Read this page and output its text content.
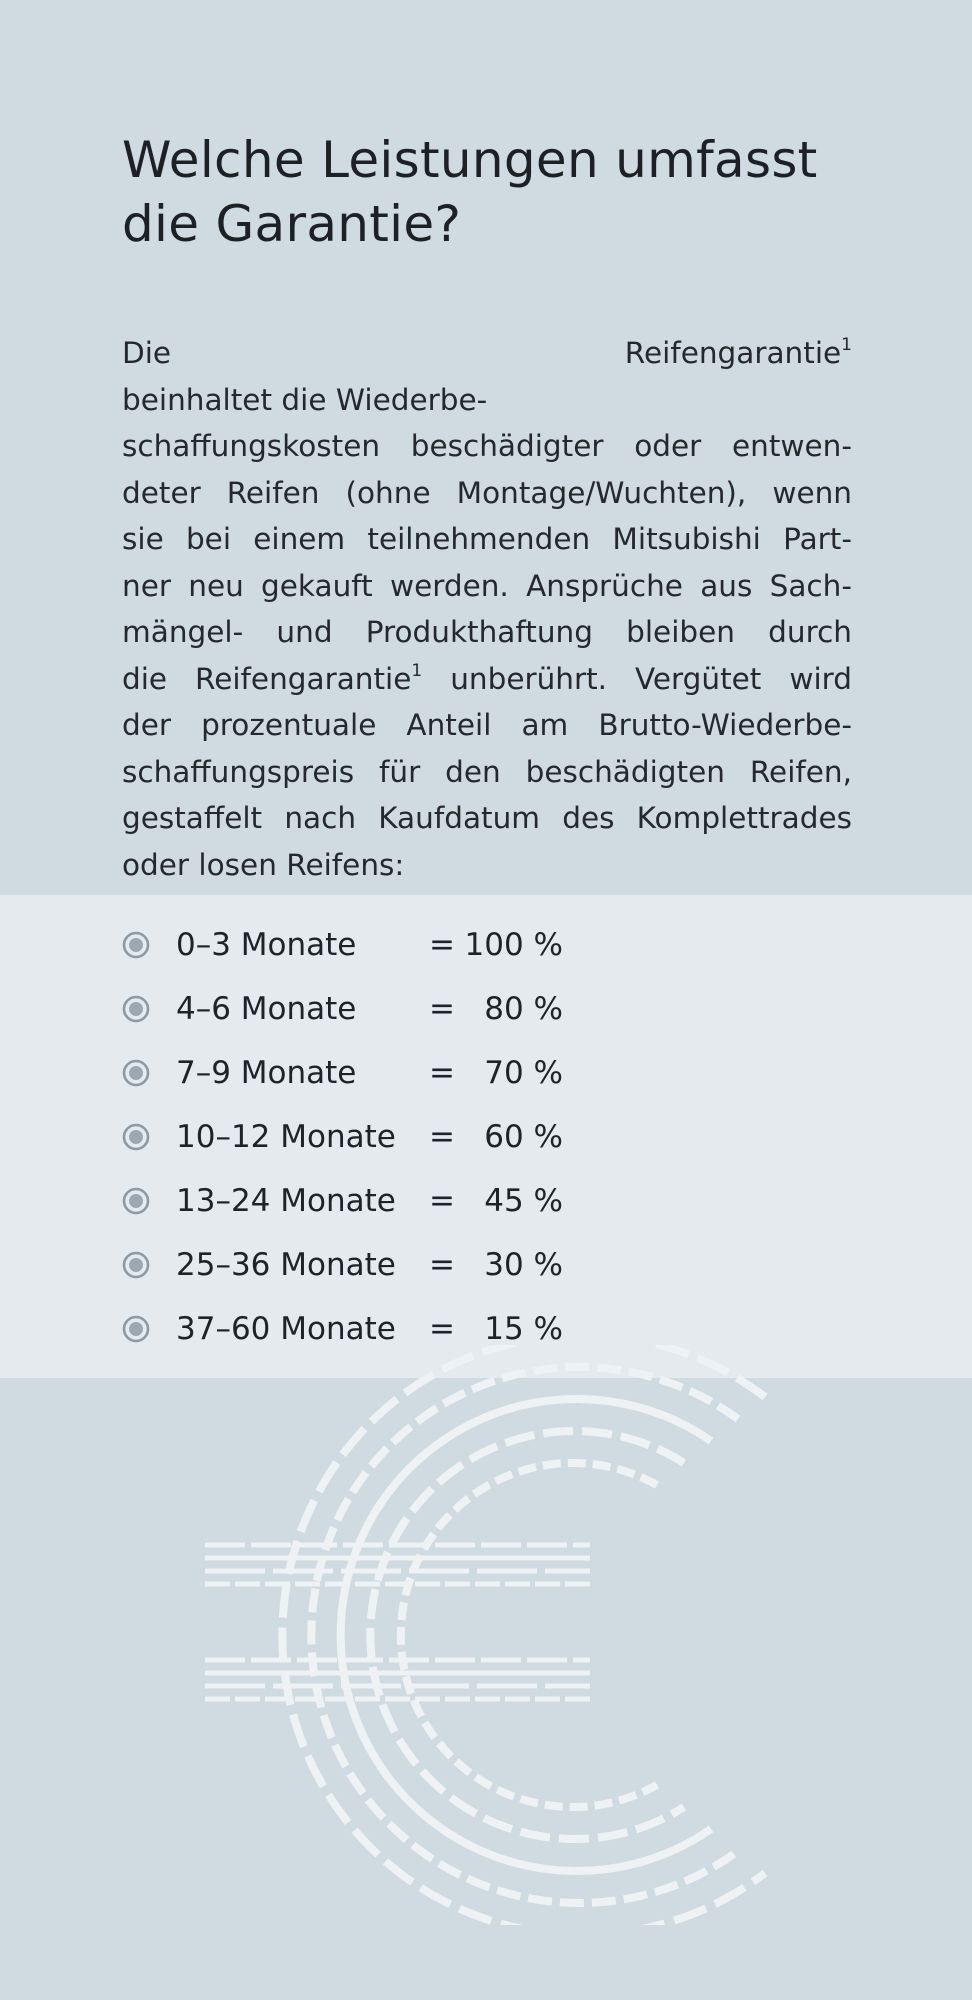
Welche Leistungen umfasst
die Garantie?
Die Reifengarantie$^1$
beinhaltet die Wiederbe-
schaffungskosten beschädigter oder entwen-
deter Reifen (ohne Montage/Wuchten), wenn
sie bei einem teilnehmenden Mitsubishi Part-
ner neu gekauft werden. Ansprüche aus Sach-
mängel- und Produkthaftung bleiben durch
die Reifengarantie$^1$ unberührt. Vergütet wird
der prozentuale Anteil am Brutto-Wiederbe-
schaffungspreis für den beschädigten Reifen,
gestaffelt nach Kaufdatum des Komplettrades
oder losen Reifens:
0–3 Monate	= 100 %
4–6 Monate	= 80 %
7–9 Monate	= 70 %
10–12 Monate	= 60 %
13–24 Monate	= 45 %
25–36 Monate	= 30 %
37–60 Monate	= 15 %
